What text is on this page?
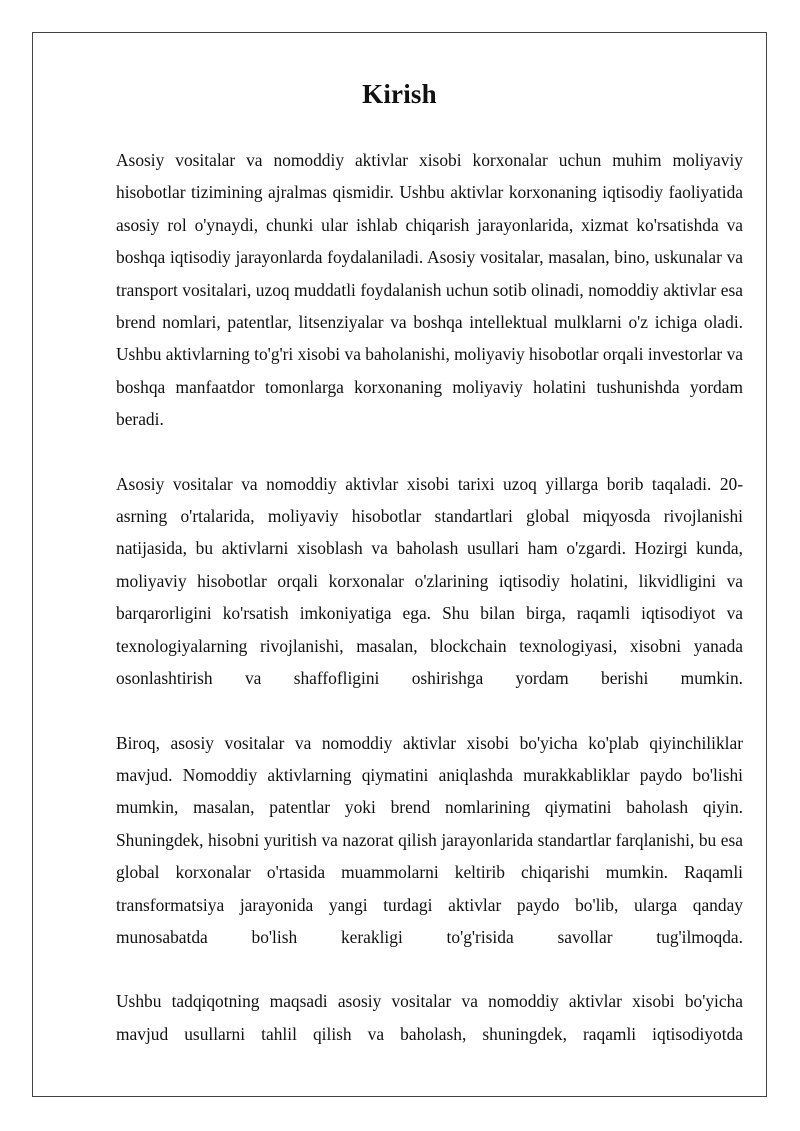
Kirish

Asosiy vositalar va nomoddiy aktivlar xisobi korxonalar uchun muhim moliyaviy hisobotlar tizimining ajralmas qismidir. Ushbu aktivlar korxonaning iqtisodiy faoliyatida asosiy rol o'ynaydi, chunki ular ishlab chiqarish jarayonlarida, xizmat ko'rsatishda va boshqa iqtisodiy jarayonlarda foydalaniladi. Asosiy vositalar, masalan, bino, uskunalar va transport vositalari, uzoq muddatli foydalanish uchun sotib olinadi, nomoddiy aktivlar esa brend nomlari, patentlar, litsenziyalar va boshqa intellektual mulklarni o'z ichiga oladi. Ushbu aktivlarning to'g'ri xisobi va baholanishi, moliyaviy hisobotlar orqali investorlar va boshqa manfaatdor tomonlarga korxonaning moliyaviy holatini tushunishda yordam beradi.

Asosiy vositalar va nomoddiy aktivlar xisobi tarixi uzoq yillarga borib taqaladi. 20-asrning o'rtalarida, moliyaviy hisobotlar standartlari global miqyosda rivojlanishi natijasida, bu aktivlarni xisoblash va baholash usullari ham o'zgardi. Hozirgi kunda, moliyaviy hisobotlar orqali korxonalar o'zlarining iqtisodiy holatini, likvidligini va barqarorligini ko'rsatish imkoniyatiga ega. Shu bilan birga, raqamli iqtisodiyot va texnologiyalarning rivojlanishi, masalan, blockchain texnologiyasi, xisobni yanada osonlashtirish va shaffofligini oshirishga yordam berishi mumkin.

Biroq, asosiy vositalar va nomoddiy aktivlar xisobi bo'yicha ko'plab qiyinchiliklar mavjud. Nomoddiy aktivlarning qiymatini aniqlashda murakkabliklar paydo bo'lishi mumkin, masalan, patentlar yoki brend nomlarining qiymatini baholash qiyin. Shuningdek, hisobni yuritish va nazorat qilish jarayonlarida standartlar farqlanishi, bu esa global korxonalar o'rtasida muammolarni keltirib chiqarishi mumkin. Raqamli transformatsiya jarayonida yangi turdagi aktivlar paydo bo'lib, ularga qanday munosabatda bo'lish kerakligi to'g'risida savollar tug'ilmoqda.

Ushbu tadqiqotning maqsadi asosiy vositalar va nomoddiy aktivlar xisobi bo'yicha mavjud usullarni tahlil qilish va baholash, shuningdek, raqamli iqtisodiyotda
